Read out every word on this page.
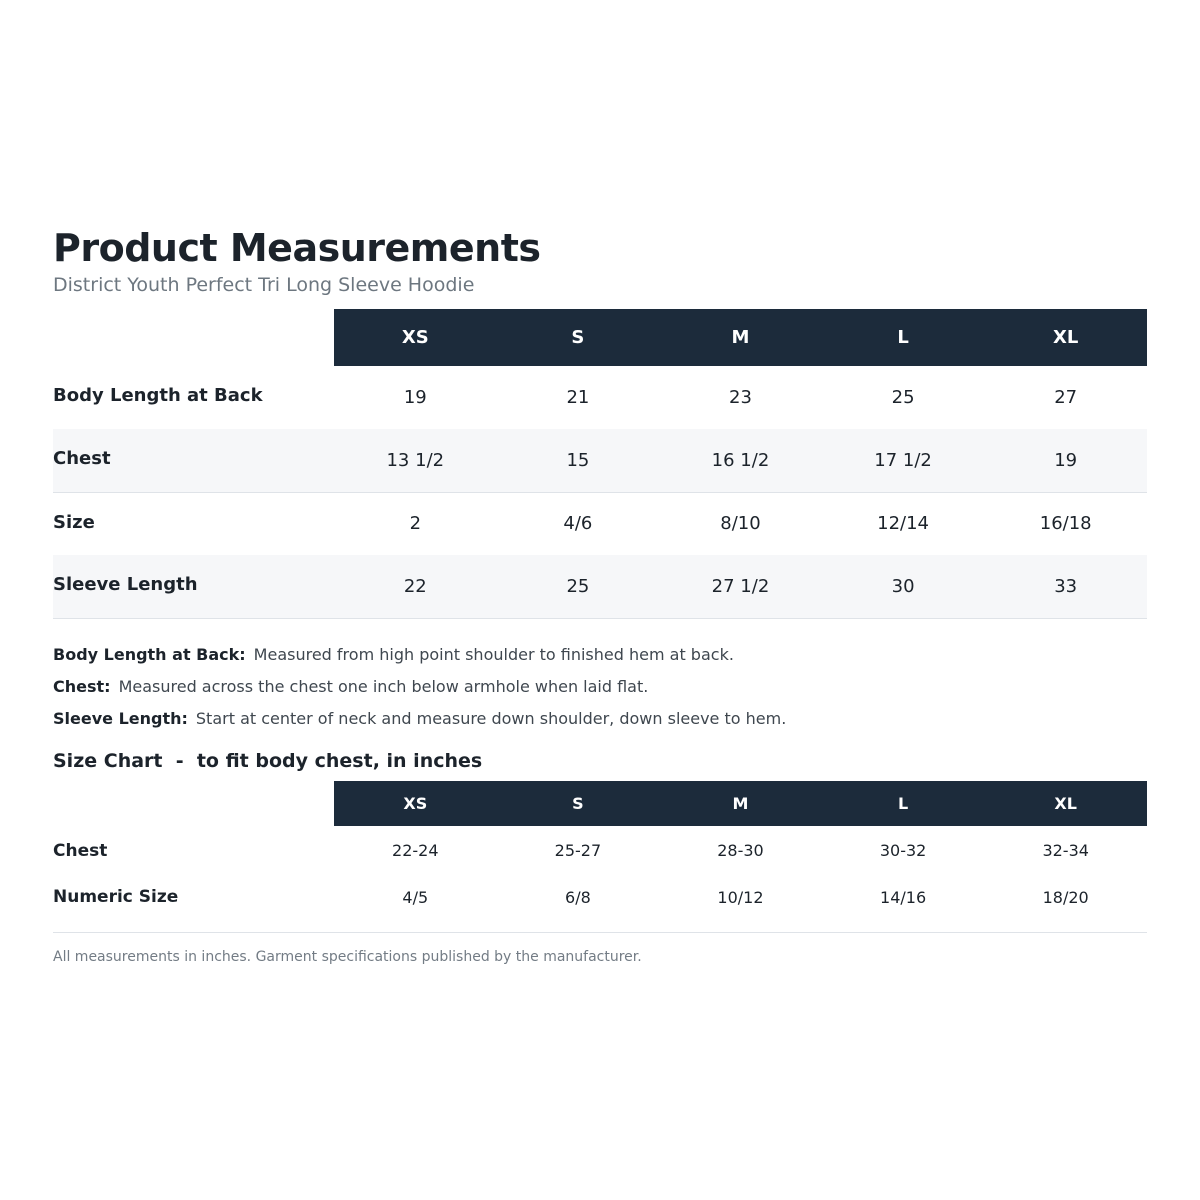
Product Measurements
District Youth Perfect Tri Long Sleeve Hoodie
	XS	S	M	L	XL
Body Length at Back	19	21	23	25	27
Chest	13 1/2	15	16 1/2	17 1/2	19
Size	2	4/6	8/10	12/14	16/18
Sleeve Length	22	25	27 1/2	30	33
Body Length at Back: Measured from high point shoulder to finished hem at back.
Chest: Measured across the chest one inch below armhole when laid flat.
Sleeve Length: Start at center of neck and measure down shoulder, down sleeve to hem.
Size Chart  -  to fit body chest, in inches
	XS	S	M	L	XL
Chest	22-24	25-27	28-30	30-32	32-34
Numeric Size	4/5	6/8	10/12	14/16	18/20
All measurements in inches. Garment specifications published by the manufacturer.
